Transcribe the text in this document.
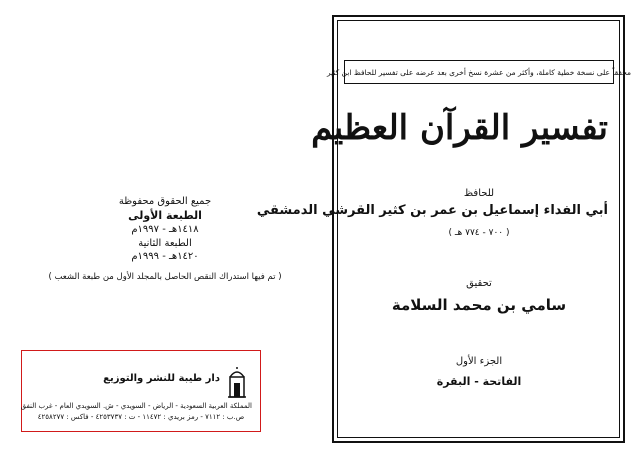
جميع الحقوق محفوظة
الطبعة الأولى
١٤١٨هـ - ١٩٩٧م
الطبعة الثانية
١٤٢٠هـ - ١٩٩٩م
( تم فيها استدراك النقص الحاصل بالمجلد الأول من طبعة الشعب )
دار طيبة للنشر والتوزيع
المملكة العربية السعودية - الرياض - السويدي - ش. السويدي العام - غرب النفق
ص.ب : ٧١١٢ - رمز بريدي : ١١٤٧٢ - ت : ٤٢٥٣٧٣٧ - فاكس : ٤٢٥٨٢٧٧
محققاً على نسخة خطية كاملة، وأكثر من عشرة نسخ أخرى بعد عرضه على تفسير للحافظ ابن كثير
تفسير القرآن العظيم
للحافظ
أبي الفداء إسماعيل بن عمر بن كثير القرشي الدمشقي
( ٧٠٠ - ٧٧٤ هـ )
تحقيق
سامي بن محمد السلامة
الجزء الأول
الفاتحة - البقرة
